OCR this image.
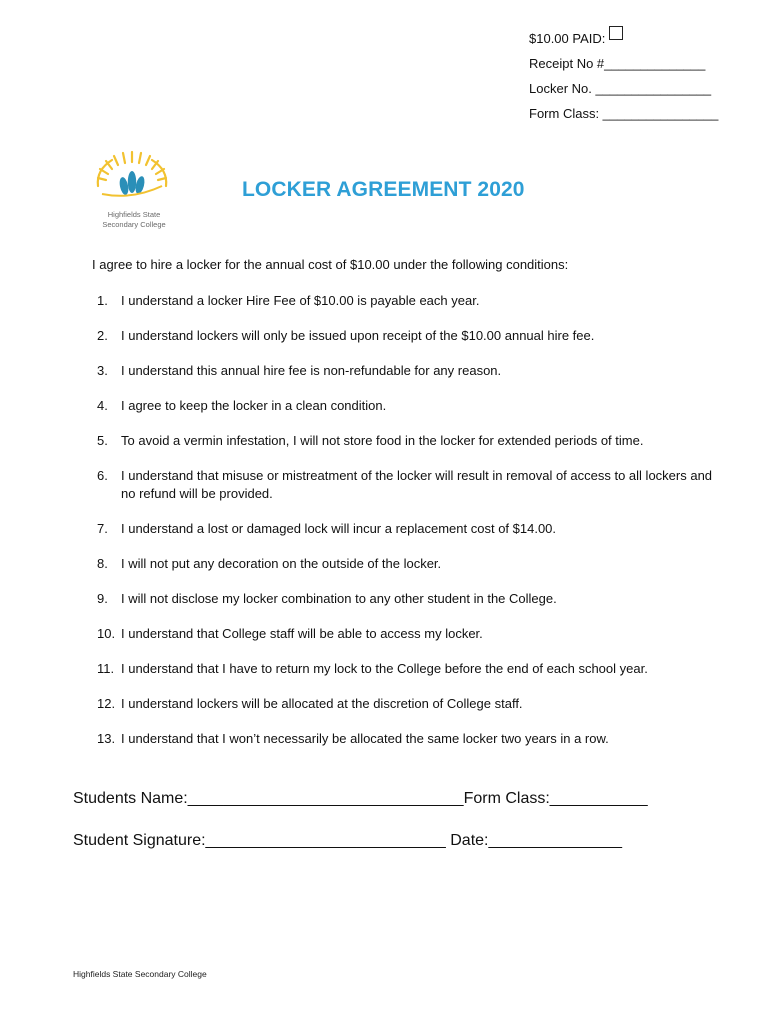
$10.00 PAID:
Receipt No #______________
Locker No. ________________
Form Class: ________________
Highfields State
Secondary College
LOCKER AGREEMENT 2020
I agree to hire a locker for the annual cost of $10.00 under the following conditions:
1. I understand a locker Hire Fee of $10.00 is payable each year.
2. I understand lockers will only be issued upon receipt of the $10.00 annual hire fee.
3. I understand this annual hire fee is non-refundable for any reason.
4. I agree to keep the locker in a clean condition.
5. To avoid a vermin infestation, I will not store food in the locker for extended periods of time.
6. I understand that misuse or mistreatment of the locker will result in removal of access to all lockers and no refund will be provided.
7. I understand a lost or damaged lock will incur a replacement cost of $14.00.
8. I will not put any decoration on the outside of the locker.
9. I will not disclose my locker combination to any other student in the College.
10. I understand that College staff will be able to access my locker.
11. I understand that I have to return my lock to the College before the end of each school year.
12. I understand lockers will be allocated at the discretion of College staff.
13. I understand that I won’t necessarily be allocated the same locker two years in a row.
Students Name:_______________________________Form Class:___________
Student Signature:___________________________ Date:_______________
Highfields State Secondary College
